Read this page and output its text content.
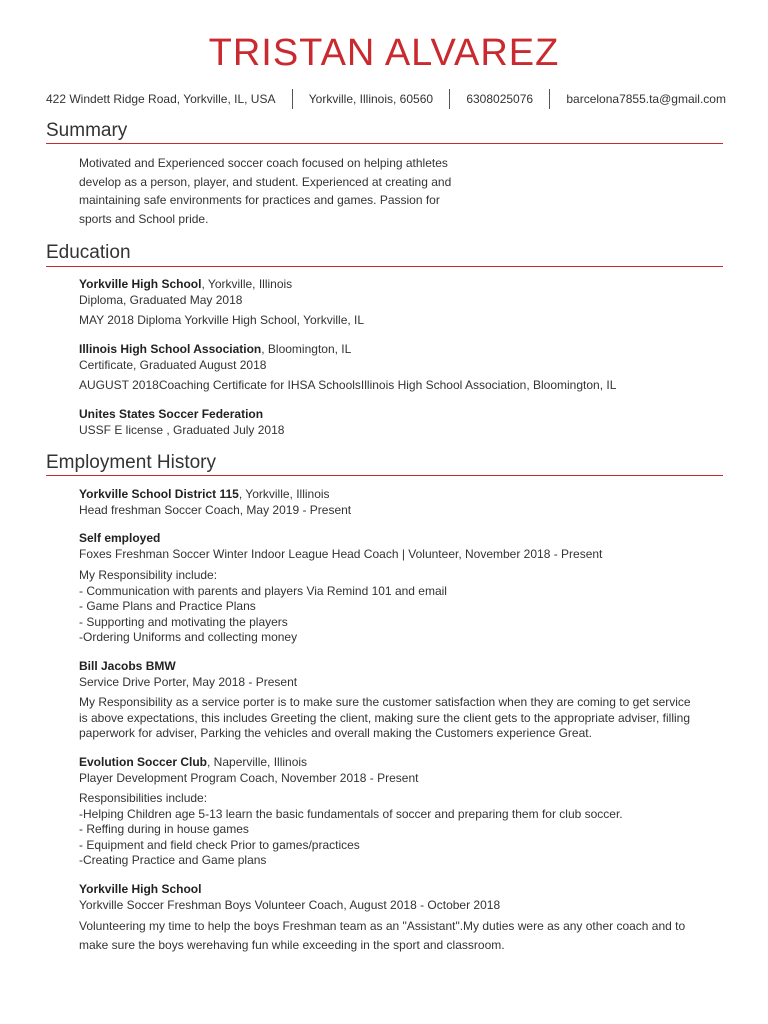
TRISTAN ALVAREZ
422 Windett Ridge Road, Yorkville, IL, USA	Yorkville, Illinois, 60560	6308025076	barcelona7855.ta@gmail.com
Summary
Motivated and Experienced soccer coach focused on helping athletes
develop as a person, player, and student. Experienced at creating and
maintaining safe environments for practices and games. Passion for
sports and School pride.
Education
Yorkville High School, Yorkville, Illinois
Diploma, Graduated May 2018
MAY 2018 Diploma Yorkville High School, Yorkville, IL
Illinois High School Association, Bloomington, IL
Certificate, Graduated August 2018
AUGUST 2018Coaching Certificate for IHSA SchoolsIllinois High School Association, Bloomington, IL
Unites States Soccer Federation
USSF E license , Graduated July 2018
Employment History
Yorkville School District 115, Yorkville, Illinois
Head freshman Soccer Coach, May 2019 - Present
Self employed
Foxes Freshman Soccer Winter Indoor League Head Coach | Volunteer, November 2018 - Present
My Responsibility include:
- Communication with parents and players Via Remind 101 and email
- Game Plans and Practice Plans
- Supporting and motivating the players
-Ordering Uniforms and collecting money
Bill Jacobs BMW
Service Drive Porter, May 2018 - Present
My Responsibility as a service porter is to make sure the customer satisfaction when they are coming to get service
is above expectations, this includes Greeting the client, making sure the client gets to the appropriate adviser, filling
paperwork for adviser, Parking the vehicles and overall making the Customers experience Great.
Evolution Soccer Club, Naperville, Illinois
Player Development Program Coach, November 2018 - Present
Responsibilities include:
-Helping Children age 5-13 learn the basic fundamentals of soccer and preparing them for club soccer.
- Reffing during in house games
- Equipment and field check Prior to games/practices
-Creating Practice and Game plans
Yorkville High School
Yorkville Soccer Freshman Boys Volunteer Coach, August 2018 - October 2018
Volunteering my time to help the boys Freshman team as an "Assistant".My duties were as any other coach and to
make sure the boys werehaving fun while exceeding in the sport and classroom.
